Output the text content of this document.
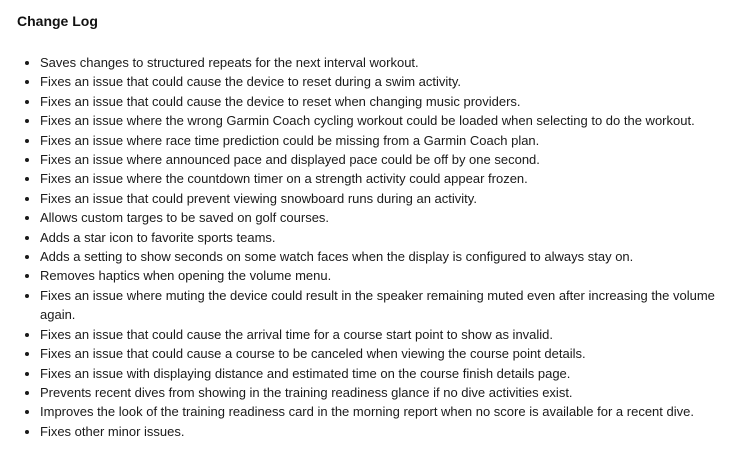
Change Log
• Saves changes to structured repeats for the next interval workout.
• Fixes an issue that could cause the device to reset during a swim activity.
• Fixes an issue that could cause the device to reset when changing music providers.
• Fixes an issue where the wrong Garmin Coach cycling workout could be loaded when selecting to do the workout.
• Fixes an issue where race time prediction could be missing from a Garmin Coach plan.
• Fixes an issue where announced pace and displayed pace could be off by one second.
• Fixes an issue where the countdown timer on a strength activity could appear frozen.
• Fixes an issue that could prevent viewing snowboard runs during an activity.
• Allows custom targes to be saved on golf courses.
• Adds a star icon to favorite sports teams.
• Adds a setting to show seconds on some watch faces when the display is configured to always stay on.
• Removes haptics when opening the volume menu.
• Fixes an issue where muting the device could result in the speaker remaining muted even after increasing the volume again.
• Fixes an issue that could cause the arrival time for a course start point to show as invalid.
• Fixes an issue that could cause a course to be canceled when viewing the course point details.
• Fixes an issue with displaying distance and estimated time on the course finish details page.
• Prevents recent dives from showing in the training readiness glance if no dive activities exist.
• Improves the look of the training readiness card in the morning report when no score is available for a recent dive.
• Fixes other minor issues.
